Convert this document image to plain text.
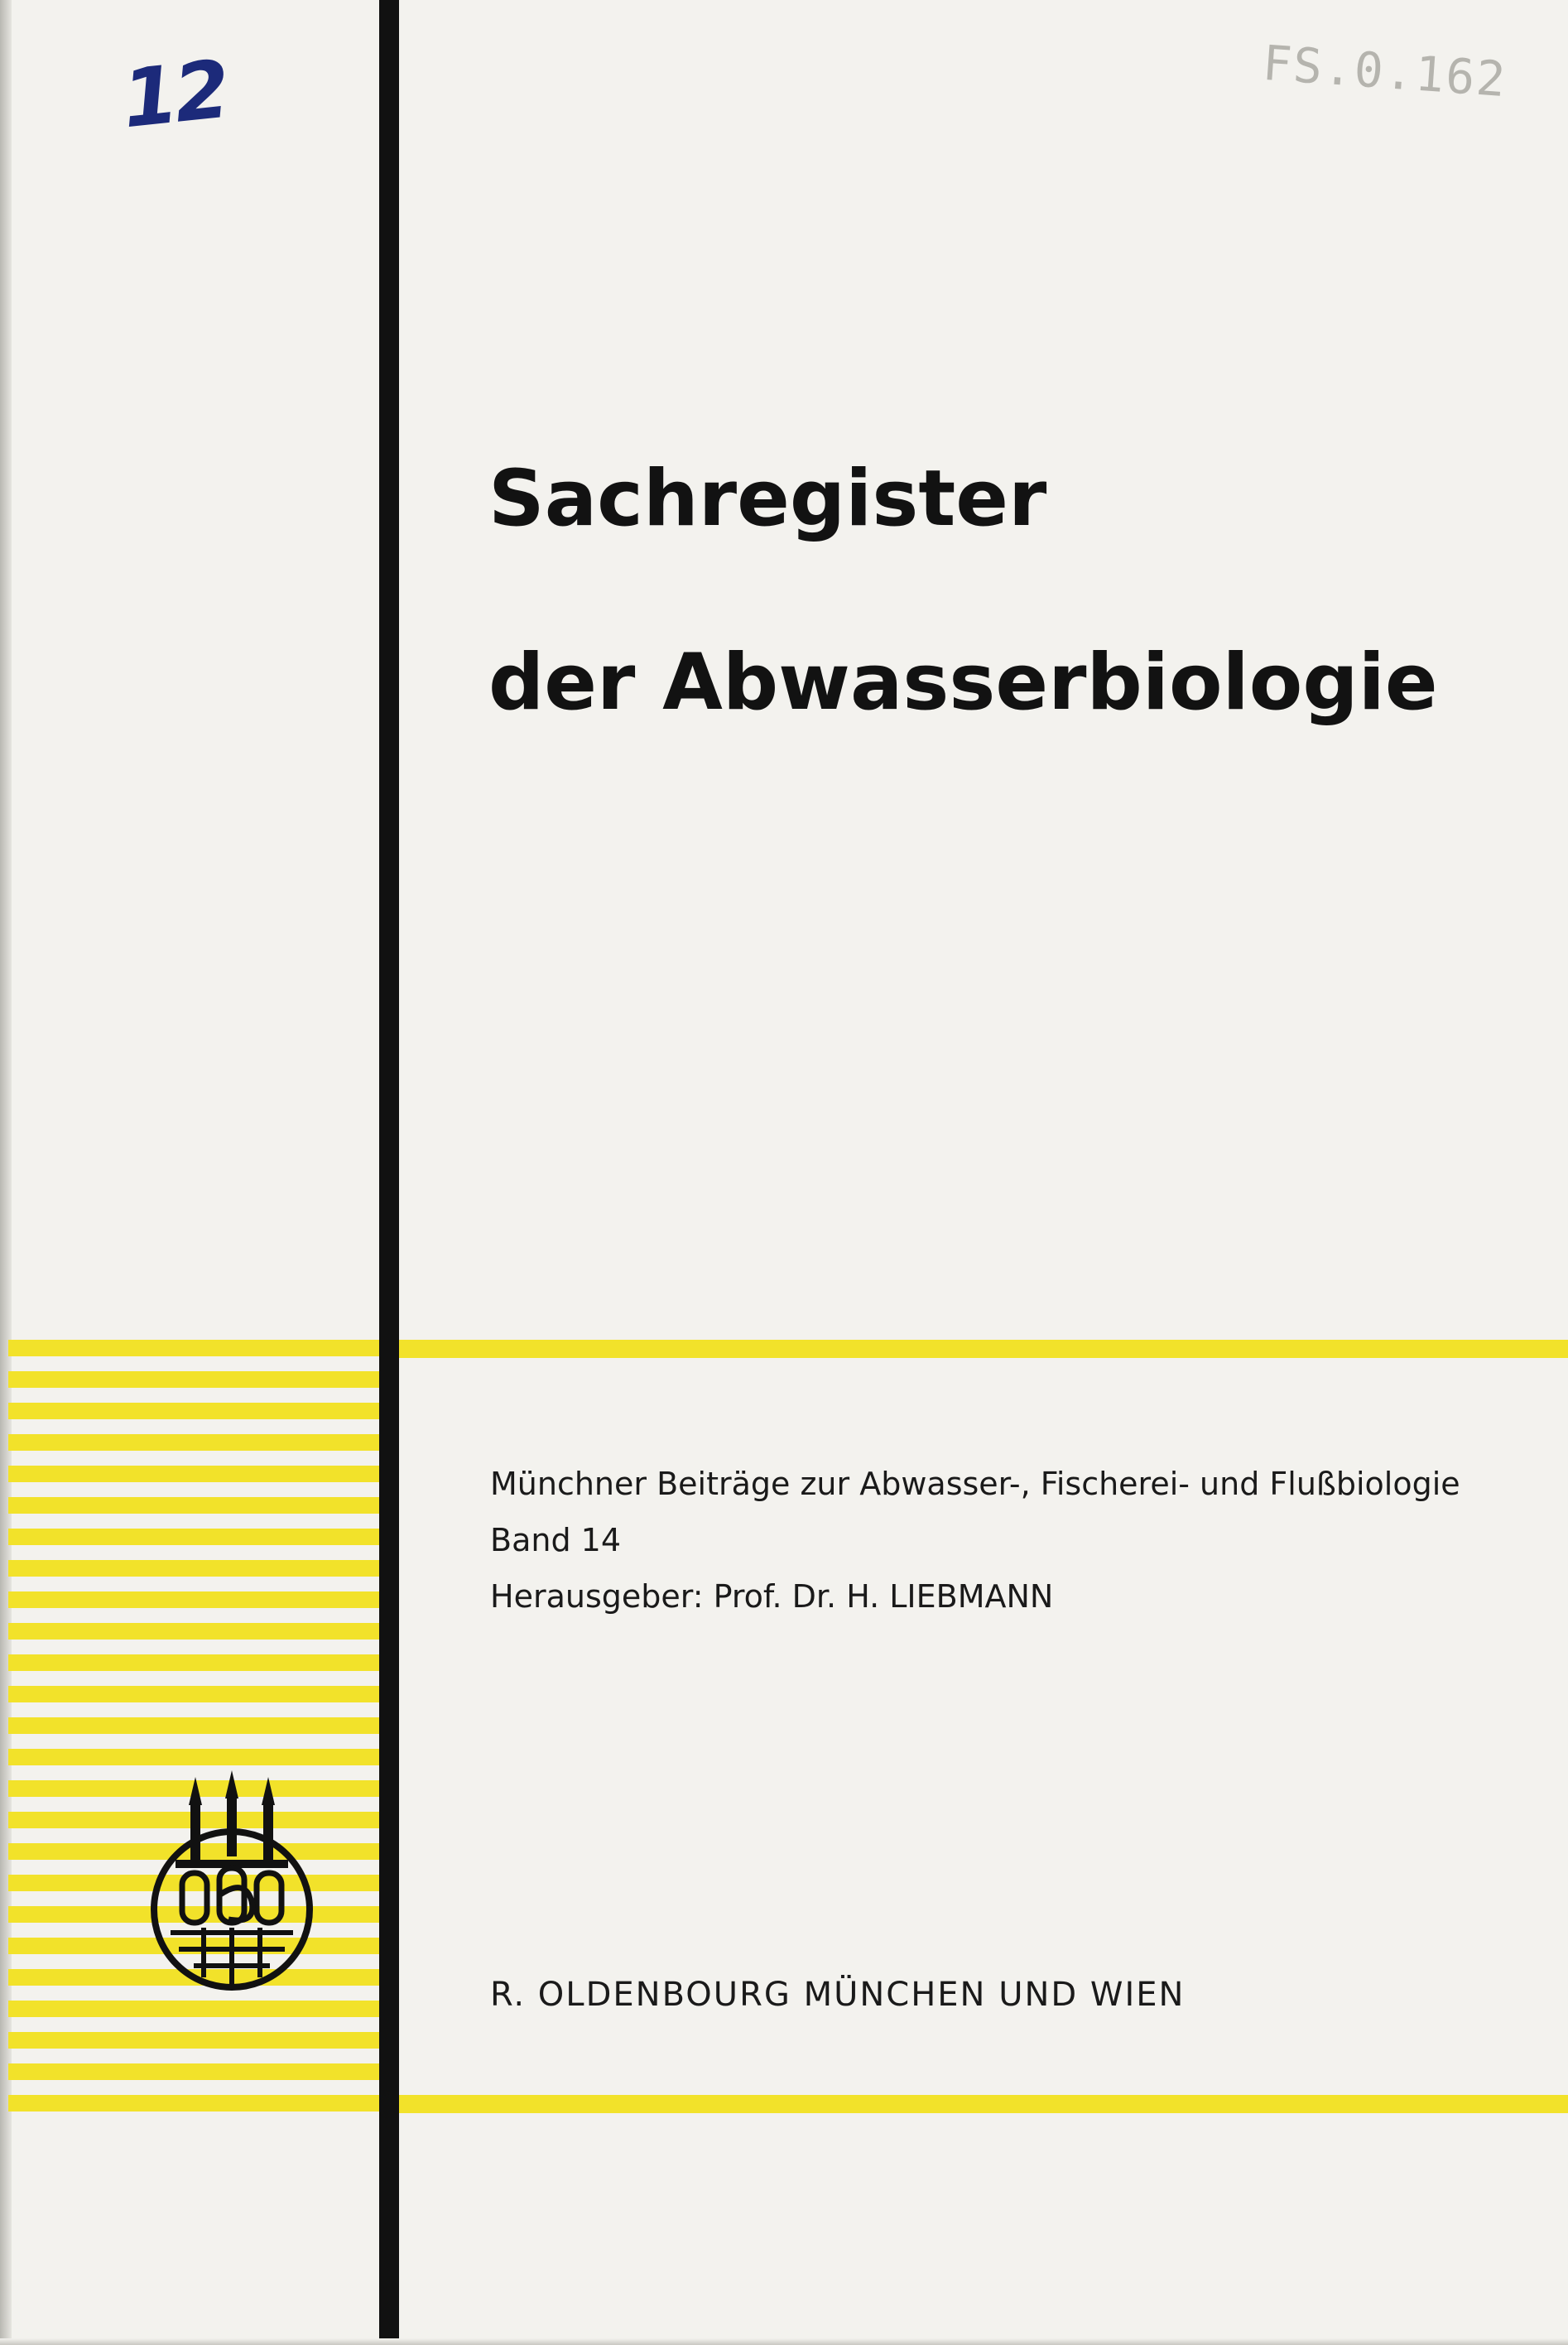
12	FS.0.162
Sachregister
der Abwasserbiologie
Münchner Beiträge zur Abwasser-, Fischerei- und Flußbiologie
Band 14
Herausgeber: Prof. Dr. H. LIEBMANN
R. OLDENBOURG MÜNCHEN UND WIEN
